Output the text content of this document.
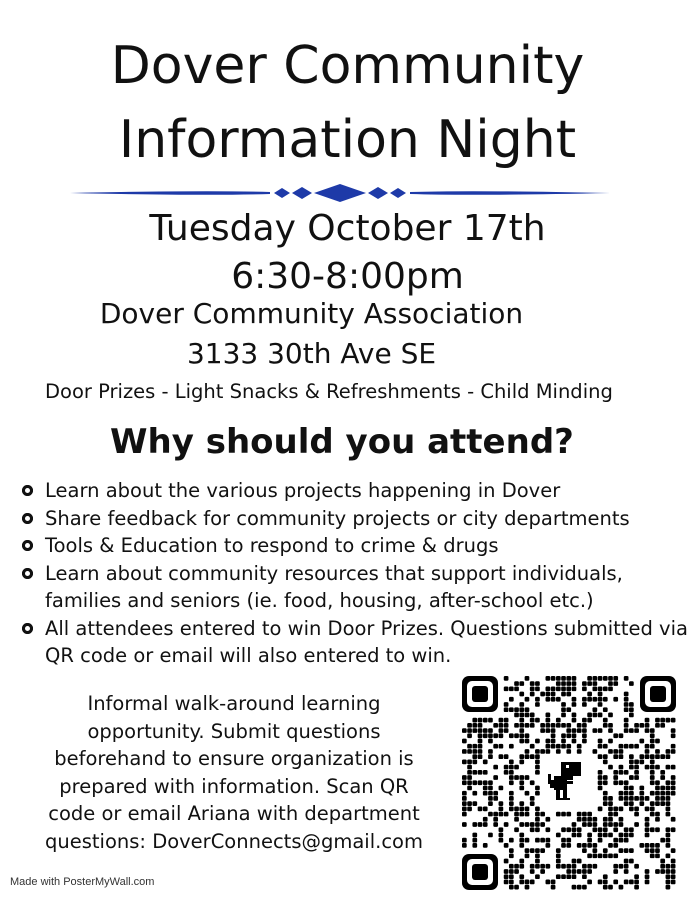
Dover Community
Information Night
Tuesday October 17th
6:30-8:00pm
Dover Community Association
3133 30th Ave SE
Door Prizes - Light Snacks & Refreshments - Child Minding
Why should you attend?
Learn about the various projects happening in Dover
Share feedback for community projects or city departments
Tools & Education to respond to crime & drugs
Learn about community resources that support individuals, families and seniors (ie. food, housing, after-school etc.)
All attendees entered to win Door Prizes. Questions submitted via QR code or email will also entered to win.
Informal walk-around learning
opportunity. Submit questions
beforehand to ensure organization is
prepared with information. Scan QR
code or email Ariana with department
questions: DoverConnects@gmail.com
Made with PosterMyWall.com
